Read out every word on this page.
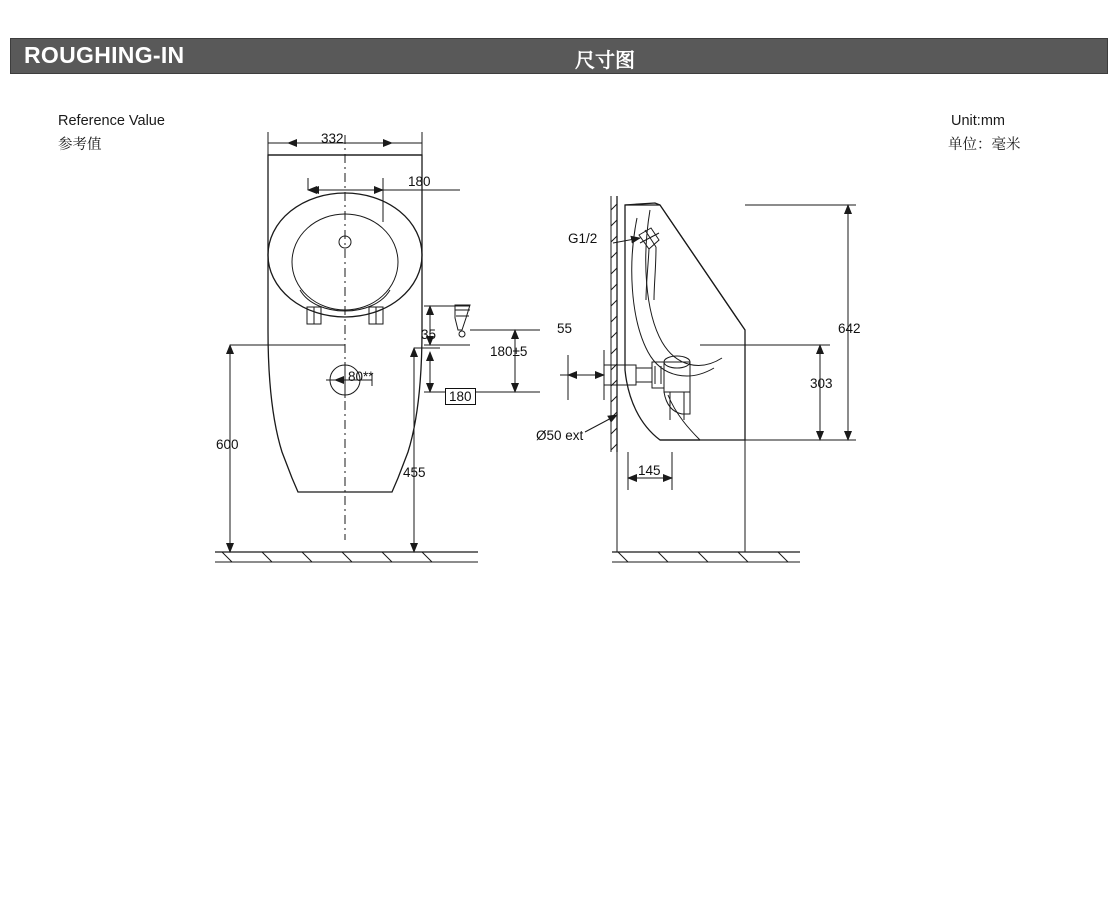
ROUGHING-IN	尺寸图
Reference Value
参考值
Unit:mm
单位：毫米
332
180
35
80**
180
600
455
180±5
55
G1/2
Ø50 ext
145
642
303
